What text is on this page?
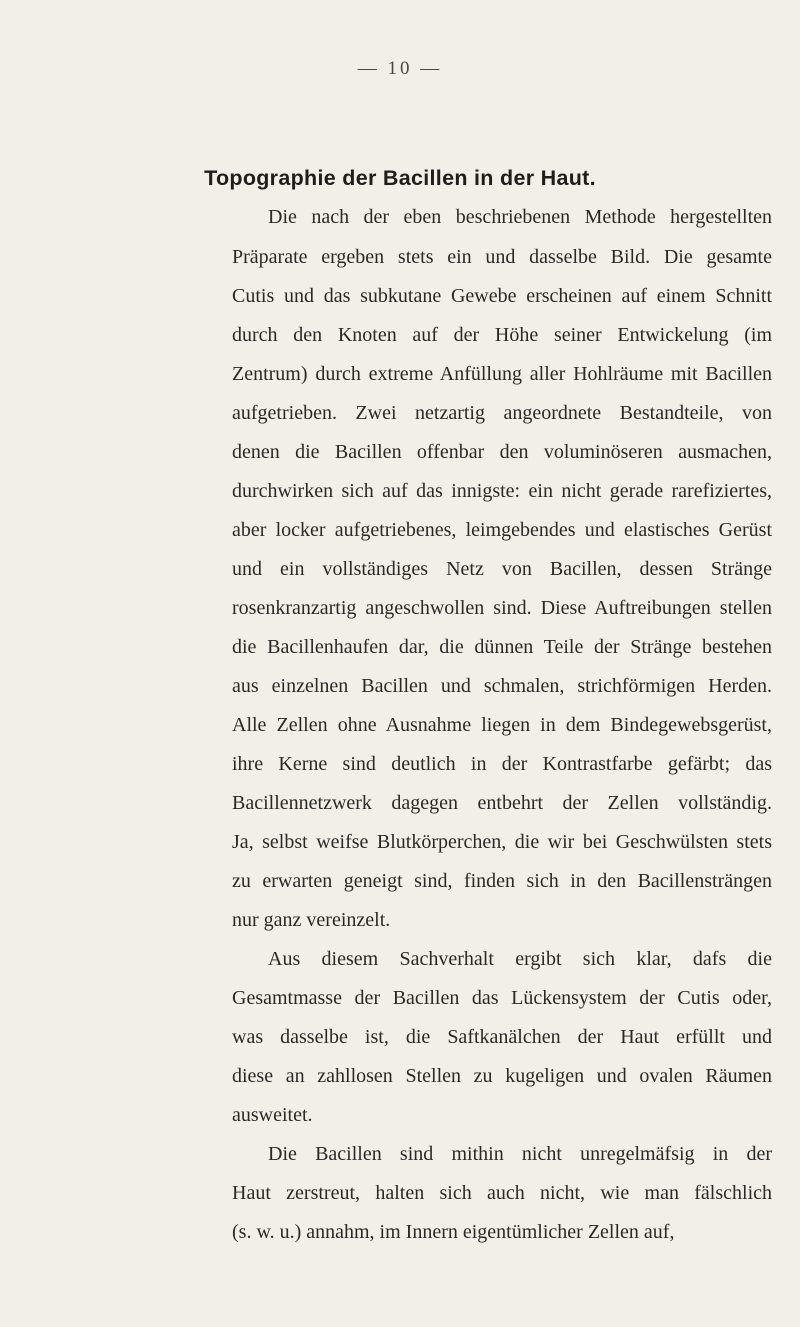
— 10 —
Topographie der Bacillen in der Haut.
Die nach der eben beschriebenen Methode hergestellten
Präparate ergeben stets ein und dasselbe Bild. Die gesamte
Cutis und das subkutane Gewebe erscheinen auf einem Schnitt
durch den Knoten auf der Höhe seiner Entwickelung (im
Zentrum) durch extreme Anfüllung aller Hohlräume mit Bacillen
aufgetrieben. Zwei netzartig angeordnete Bestandteile, von
denen die Bacillen offenbar den voluminöseren ausmachen,
durchwirken sich auf das innigste: ein nicht gerade rarefiziertes,
aber locker aufgetriebenes, leimgebendes und elastisches Gerüst
und ein vollständiges Netz von Bacillen, dessen Stränge
rosenkranzartig angeschwollen sind. Diese Auftreibungen stellen
die Bacillenhaufen dar, die dünnen Teile der Stränge bestehen
aus einzelnen Bacillen und schmalen, strichförmigen Herden.
Alle Zellen ohne Ausnahme liegen in dem Bindegewebsgerüst,
ihre Kerne sind deutlich in der Kontrastfarbe gefärbt; das
Bacillennetzwerk dagegen entbehrt der Zellen vollständig.
Ja, selbst weifse Blutkörperchen, die wir bei Geschwülsten stets
zu erwarten geneigt sind, finden sich in den Bacillensträngen
nur ganz vereinzelt.
Aus diesem Sachverhalt ergibt sich klar, dafs die
Gesamtmasse der Bacillen das Lückensystem der Cutis oder,
was dasselbe ist, die Saftkanälchen der Haut erfüllt und
diese an zahllosen Stellen zu kugeligen und ovalen Räumen
ausweitet.
Die Bacillen sind mithin nicht unregelmäfsig in der
Haut zerstreut, halten sich auch nicht, wie man fälschlich
(s. w. u.) annahm, im Innern eigentümlicher Zellen auf,
